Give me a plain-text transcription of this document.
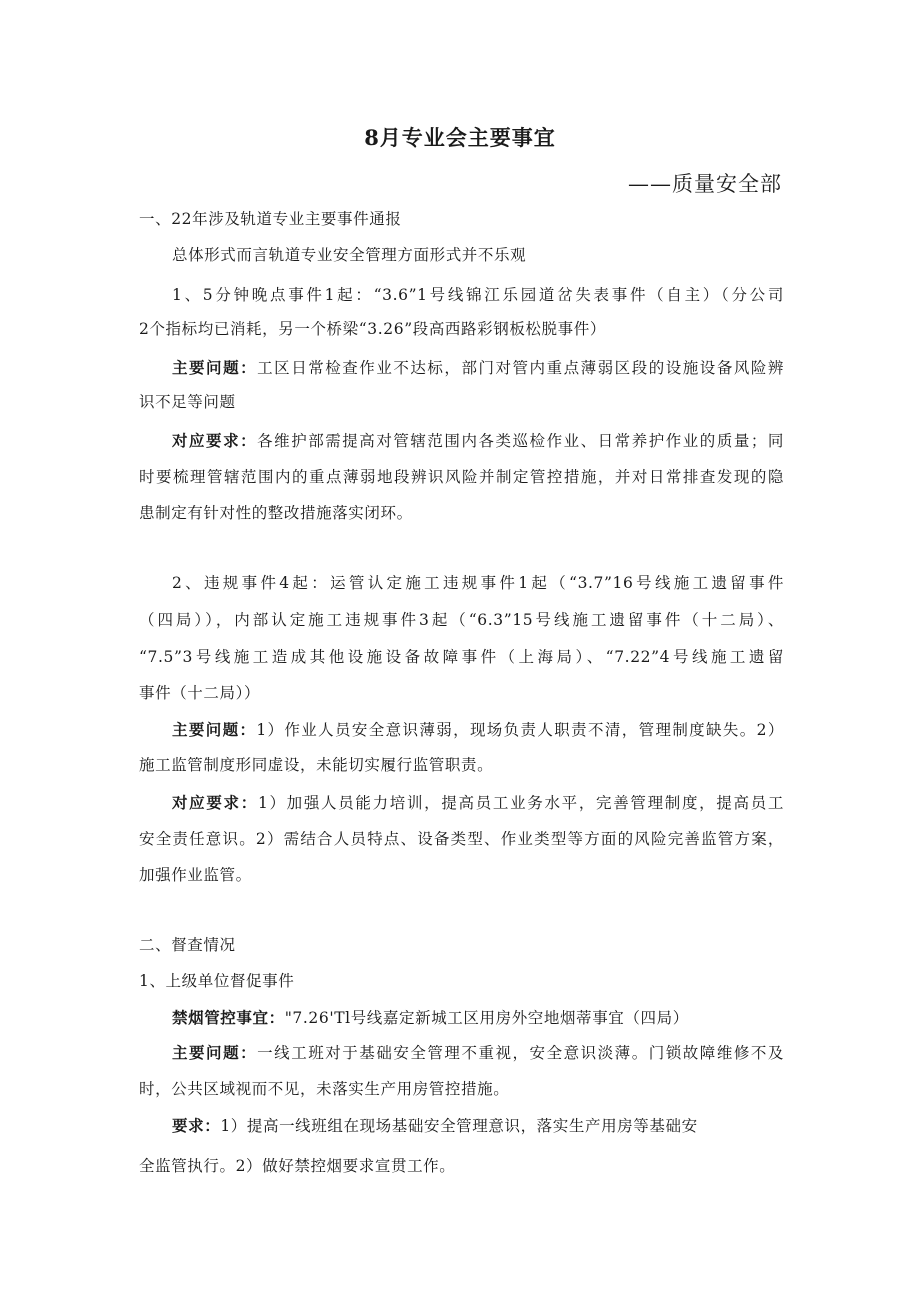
8月专业会主要事宜
——质量安全部
一、22年涉及轨道专业主要事件通报
总体形式而言轨道专业安全管理方面形式并不乐观
1、5分钟晚点事件1起：“3.6”1号线锦江乐园道岔失表事件（自主）（分公司
2个指标均已消耗，另一个桥梁“3.26”段高西路彩钢板松脱事件）
主要问题：工区日常检查作业不达标，部门对管内重点薄弱区段的设施设备风险辨
识不足等问题
对应要求：各维护部需提高对管辖范围内各类巡检作业、日常养护作业的质量；同
时要梳理管辖范围内的重点薄弱地段辨识风险并制定管控措施，并对日常排查发现的隐
患制定有针对性的整改措施落实闭环。
2、违规事件4起：运管认定施工违规事件1起（“3.7”16号线施工遗留事件
（四局）），内部认定施工违规事件3起（“6.3”15号线施工遗留事件（十二局）、
“7.5”3号线施工造成其他设施设备故障事件（上海局）、“7.22”4号线施工遗留
事件（十二局））
主要问题：1）作业人员安全意识薄弱，现场负责人职责不清，管理制度缺失。2）
施工监管制度形同虚设，未能切实履行监管职责。
对应要求：1）加强人员能力培训，提高员工业务水平，完善管理制度，提高员工
安全责任意识。2）需结合人员特点、设备类型、作业类型等方面的风险完善监管方案，
加强作业监管。
二、督查情况
1、上级单位督促事件
禁烟管控事宜："7.26'Tl号线嘉定新城工区用房外空地烟蒂事宜（四局）
主要问题：一线工班对于基础安全管理不重视，安全意识淡薄。门锁故障维修不及
时，公共区域视而不见，未落实生产用房管控措施。
要求：1）提高一线班组在现场基础安全管理意识，落实生产用房等基础安
全监管执行。2）做好禁控烟要求宣贯工作。
